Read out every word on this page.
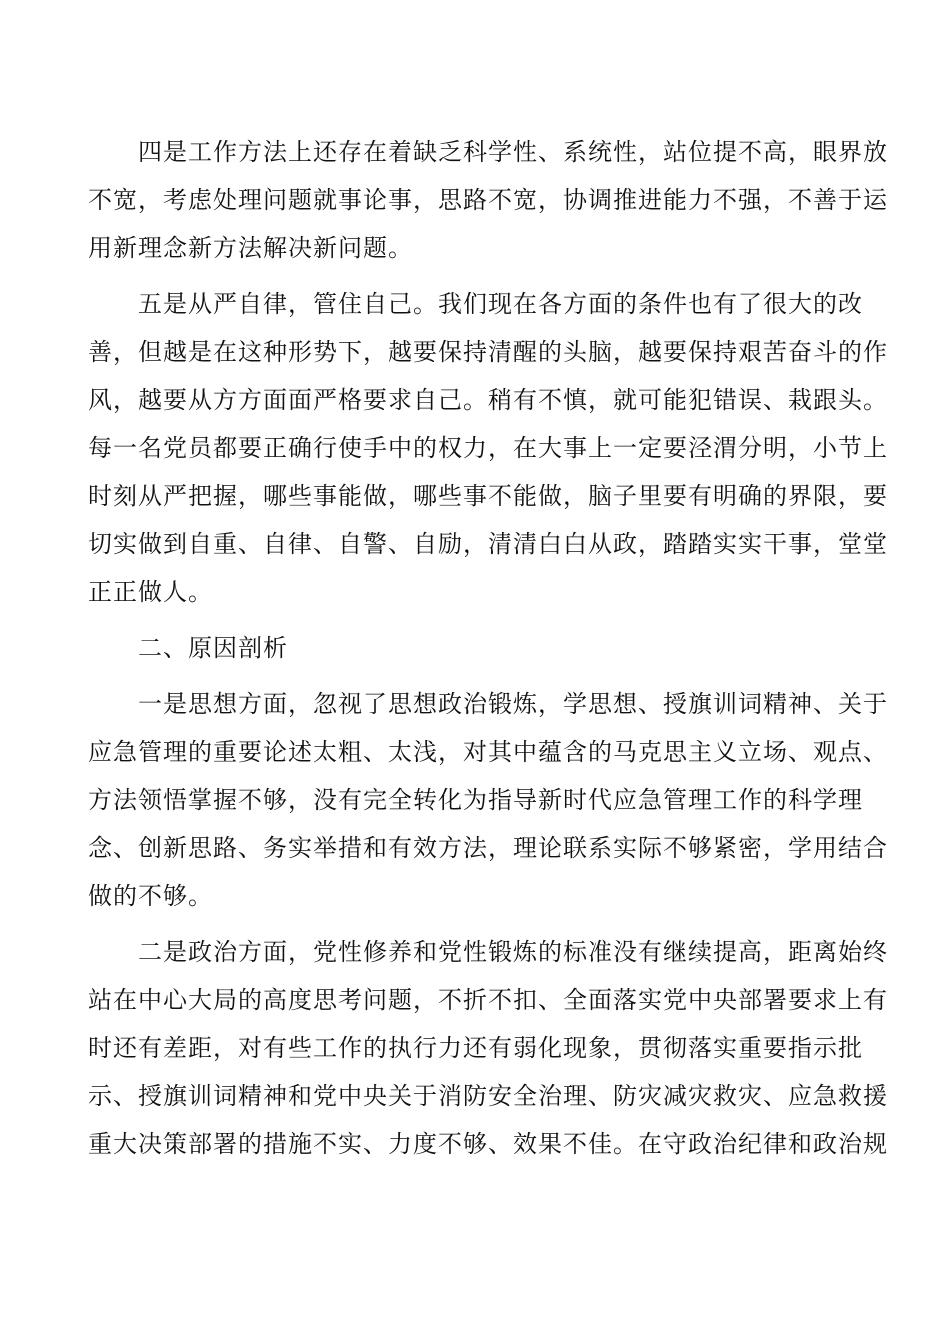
四是工作方法上还存在着缺乏科学性、系统性，站位提不高，眼界放
不宽，考虑处理问题就事论事，思路不宽，协调推进能力不强，不善于运
用新理念新方法解决新问题。
五是从严自律，管住自己。我们现在各方面的条件也有了很大的改
善，但越是在这种形势下，越要保持清醒的头脑，越要保持艰苦奋斗的作
风，越要从方方面面严格要求自己。稍有不慎，就可能犯错误、栽跟头。
每一名党员都要正确行使手中的权力，在大事上一定要泾渭分明，小节上
时刻从严把握，哪些事能做，哪些事不能做，脑子里要有明确的界限，要
切实做到自重、自律、自警、自励，清清白白从政，踏踏实实干事，堂堂
正正做人。
二、原因剖析
一是思想方面，忽视了思想政治锻炼，学思想、授旗训词精神、关于
应急管理的重要论述太粗、太浅，对其中蕴含的马克思主义立场、观点、
方法领悟掌握不够，没有完全转化为指导新时代应急管理工作的科学理
念、创新思路、务实举措和有效方法，理论联系实际不够紧密，学用结合
做的不够。
二是政治方面，党性修养和党性锻炼的标准没有继续提高，距离始终
站在中心大局的高度思考问题，不折不扣、全面落实党中央部署要求上有
时还有差距，对有些工作的执行力还有弱化现象，贯彻落实重要指示批
示、授旗训词精神和党中央关于消防安全治理、防灾减灾救灾、应急救援
重大决策部署的措施不实、力度不够、效果不佳。在守政治纪律和政治规
